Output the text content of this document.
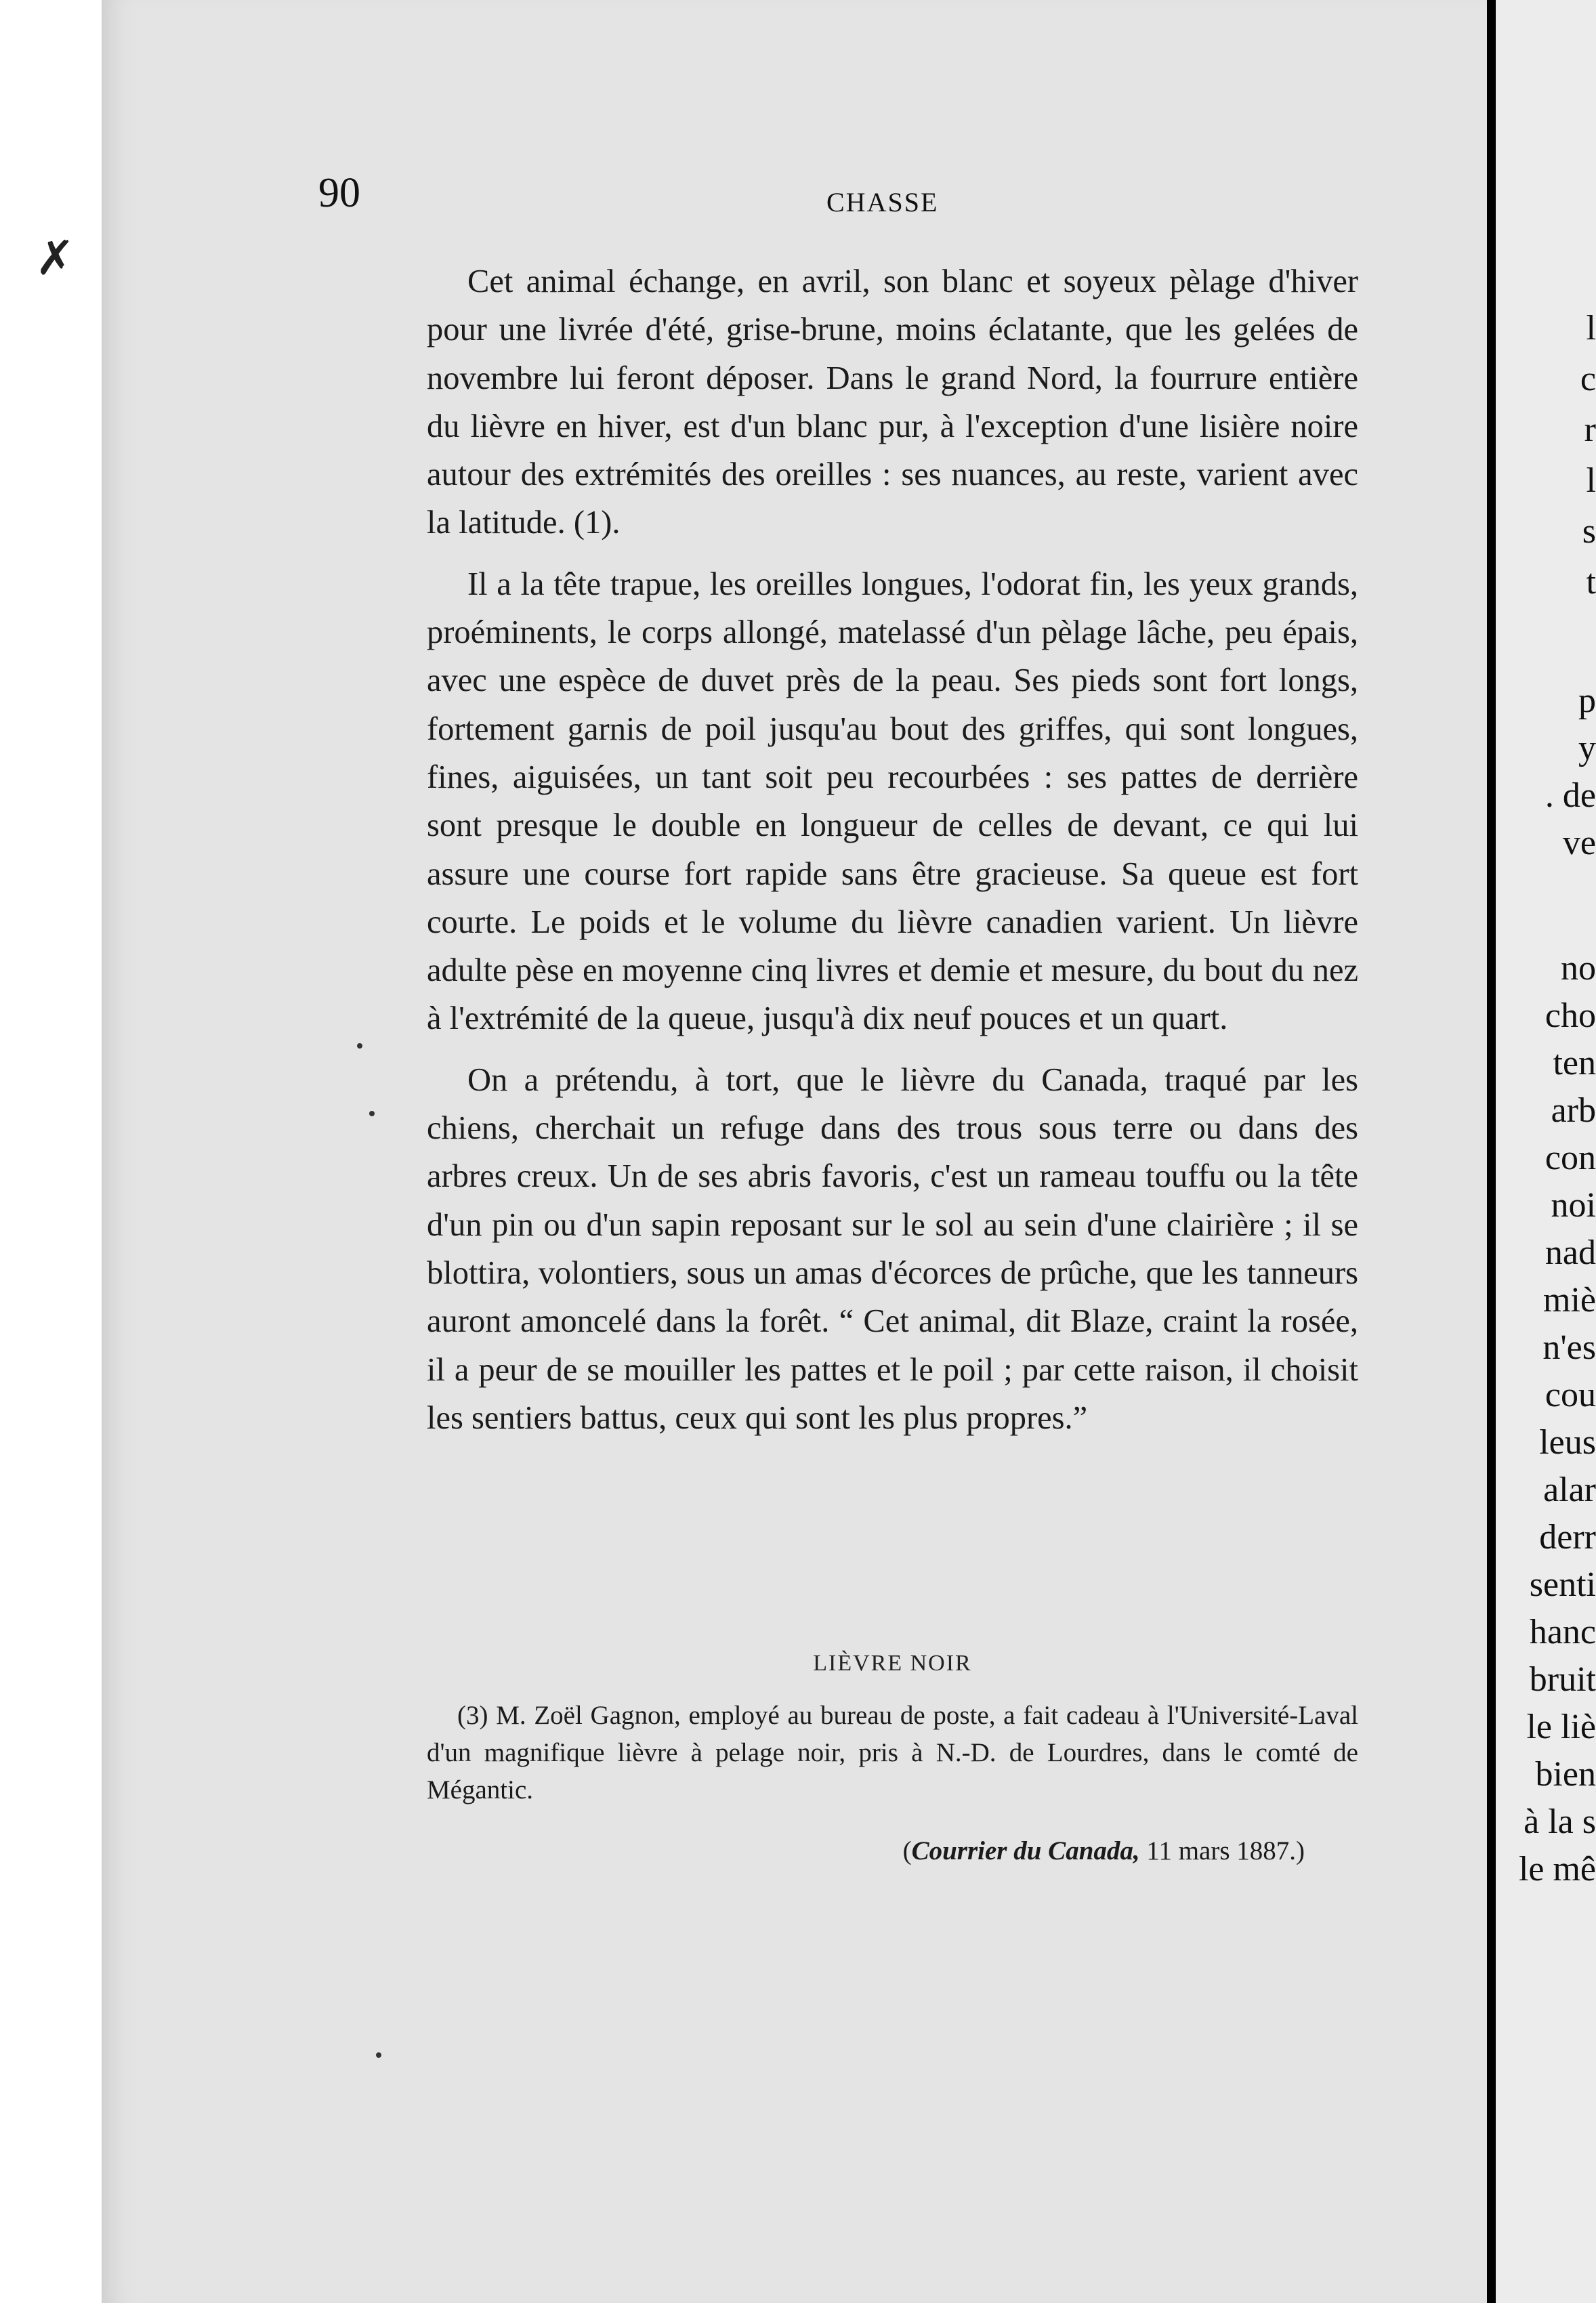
✗
90	CHASSE

Cet animal échange, en avril, son blanc et soyeux pèlage d'hiver pour une livrée d'été, grise-brune, moins éclatante, que les gelées de novembre lui feront déposer. Dans le grand Nord, la fourrure entière du lièvre en hiver, est d'un blanc pur, à l'exception d'une lisière noire autour des extrémités des oreilles : ses nuances, au reste, varient avec la latitude. (1).

Il a la tête trapue, les oreilles longues, l'odorat fin, les yeux grands, proéminents, le corps allongé, matelassé d'un pèlage lâche, peu épais, avec une espèce de duvet près de la peau. Ses pieds sont fort longs, fortement garnis de poil jusqu'au bout des griffes, qui sont longues, fines, aiguisées, un tant soit peu recourbées : ses pattes de derrière sont presque le double en longueur de celles de devant, ce qui lui assure une course fort rapide sans être gracieuse. Sa queue est fort courte. Le poids et le volume du lièvre canadien varient. Un lièvre adulte pèse en moyenne cinq livres et demie et mesure, du bout du nez à l'extrémité de la queue, jusqu'à dix neuf pouces et un quart.

On a prétendu, à tort, que le lièvre du Canada, traqué par les chiens, cherchait un refuge dans des trous sous terre ou dans des arbres creux. Un de ses abris favoris, c'est un rameau touffu ou la tête d'un pin ou d'un sapin reposant sur le sol au sein d'une clairière ; il se blottira, volontiers, sous un amas d'écorces de prûche, que les tanneurs auront amoncelé dans la forêt. “ Cet animal, dit Blaze, craint la rosée, il a peur de se mouiller les pattes et le poil ; par cette raison, il choisit les sentiers battus, ceux qui sont les plus propres.”

LIÈVRE NOIR

(3) M. Zoël Gagnon, employé au bureau de poste, a fait cadeau à l'Université-Laval d'un magnifique lièvre à pelage noir, pris à N.-D. de Lourdres, dans le comté de Mégantic.

(Courrier du Canada, 11 mars 1887.)
l
c
r
l
s
t
p
y
. de
ve
no
cho
ten
arb
con
noi
nad
miè
n'es
cou
leus
alar
derr
senti
hanc
bruit
le liè
bien
à la s
le mê
